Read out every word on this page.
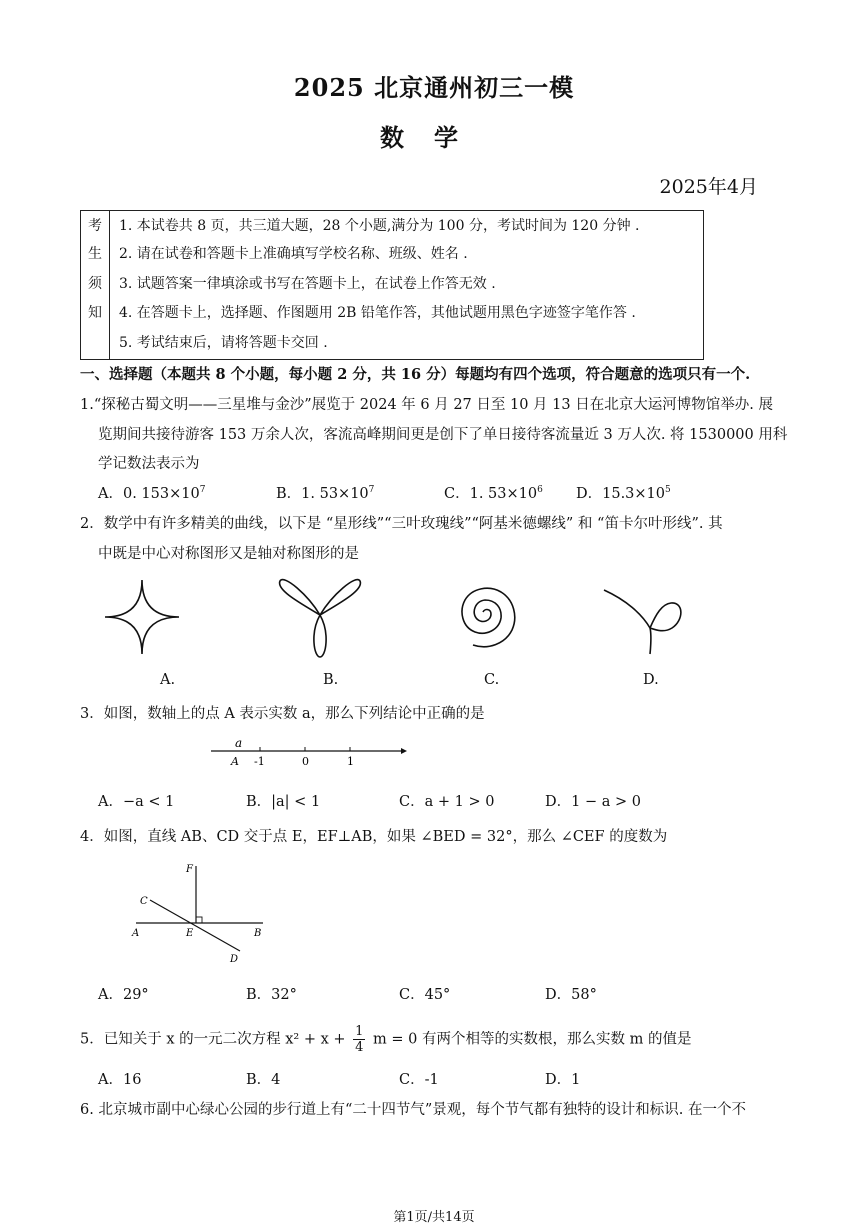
2025 北京通州初三一模
数学
2025年4月
考
生
须
知
1. 本试卷共 8 页，共三道大题，28 个小题,满分为 100 分，考试时间为 120 分钟 .
2. 请在试卷和答题卡上准确填写学校名称、班级、姓名 .
3. 试题答案一律填涂或书写在答题卡上，在试卷上作答无效 .
4. 在答题卡上，选择题、作图题用 2B 铅笔作答，其他试题用黑色字迹签字笔作答 .
5. 考试结束后，请将答题卡交回 .
一、选择题（本题共 8 个小题，每小题 2 分，共 16 分）每题均有四个选项，符合题意的选项只有一个.
1.“探秘古蜀文明——三星堆与金沙”展览于 2024 年 6 月 27 日至 10 月 13 日在北京大运河博物馆举办. 展
览期间共接待游客 153 万余人次，客流高峰期间更是创下了单日接待客流量近 3 万人次. 将 1530000 用科
学记数法表示为
A．0. $153\times 10^7$	B．1. $53\times 10^7$	C．1. $53\times 10^6$ D．$15.3\times 10^5$
2．数学中有许多精美的曲线，以下是 “星形线”“三叶玫瑰线”“阿基米德螺线” 和 “笛卡尔叶形线”. 其
中既是中心对称图形又是轴对称图形的是
A.	B.	C.	D.
3．如图，数轴上的点 A 表示实数 a，那么下列结论中正确的是
a
A -1	0	1
A．−a < 1	B．|a| < 1	C．a + 1 > 0	D．1 − a > 0
4．如图，直线 AB、CD 交于点 E，EF⊥AB，如果 ∠BED = 32°，那么 ∠CEF 的度数为
F
C
A	E	B
D
A．29°	B．32°	C．45°	D．58°
5．已知关于 x 的一元二次方程 $x^2 + x + \frac{1}{4}$ m = 0 有两个相等的实数根，那么实数 m 的值是
A．16	B．4	C．-1	D．1
6. 北京城市副中心绿心公园的步行道上有“二十四节气”景观，每个节气都有独特的设计和标识. 在一个不
第1页/共14页
